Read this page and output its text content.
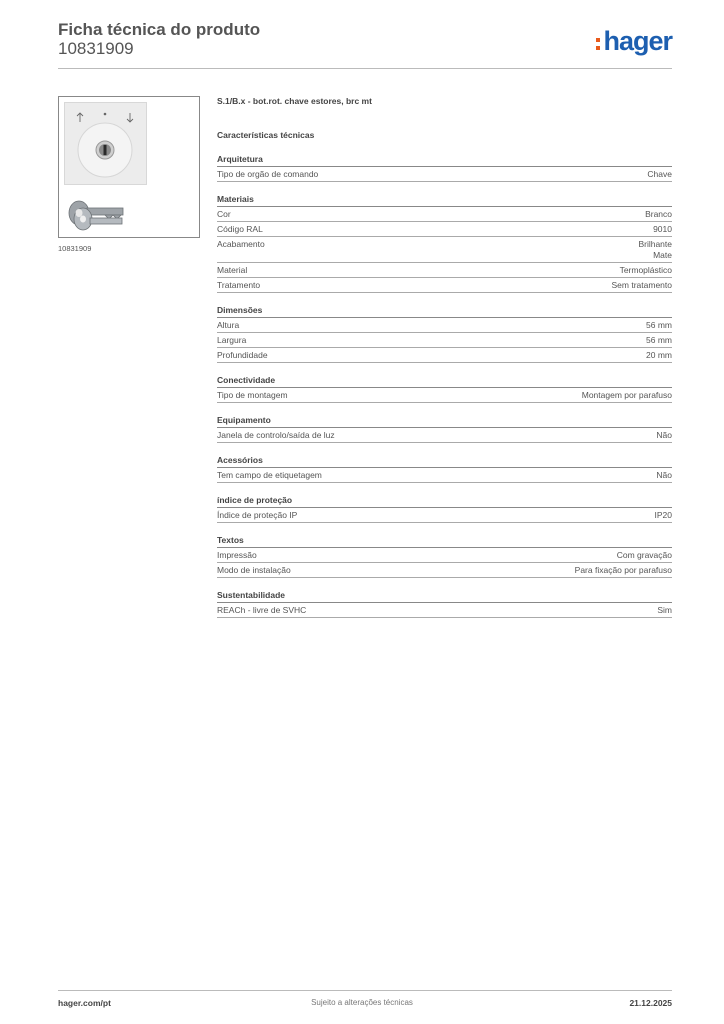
Ficha técnica do produto
10831909	hager
10831909
S.1/B.x - bot.rot. chave estores, brc mt
Características técnicas
Arquitetura
Tipo de orgão de comando	Chave
Materiais
Cor	Branco
Código RAL	9010
Acabamento	Brilhante
Mate
Material	Termoplástico
Tratamento	Sem tratamento
Dimensões
Altura	56 mm
Largura	56 mm
Profundidade	20 mm
Conectividade
Tipo de montagem	Montagem por parafuso
Equipamento
Janela de controlo/saída de luz	Não
Acessórios
Tem campo de etiquetagem	Não
índice de proteção
Índice de proteção IP	IP20
Textos
Impressão	Com gravação
Modo de instalação	Para fixação por parafuso
Sustentabilidade
REACh - livre de SVHC	Sim
hager.com/pt	Sujeito a alterações técnicas	21.12.2025
